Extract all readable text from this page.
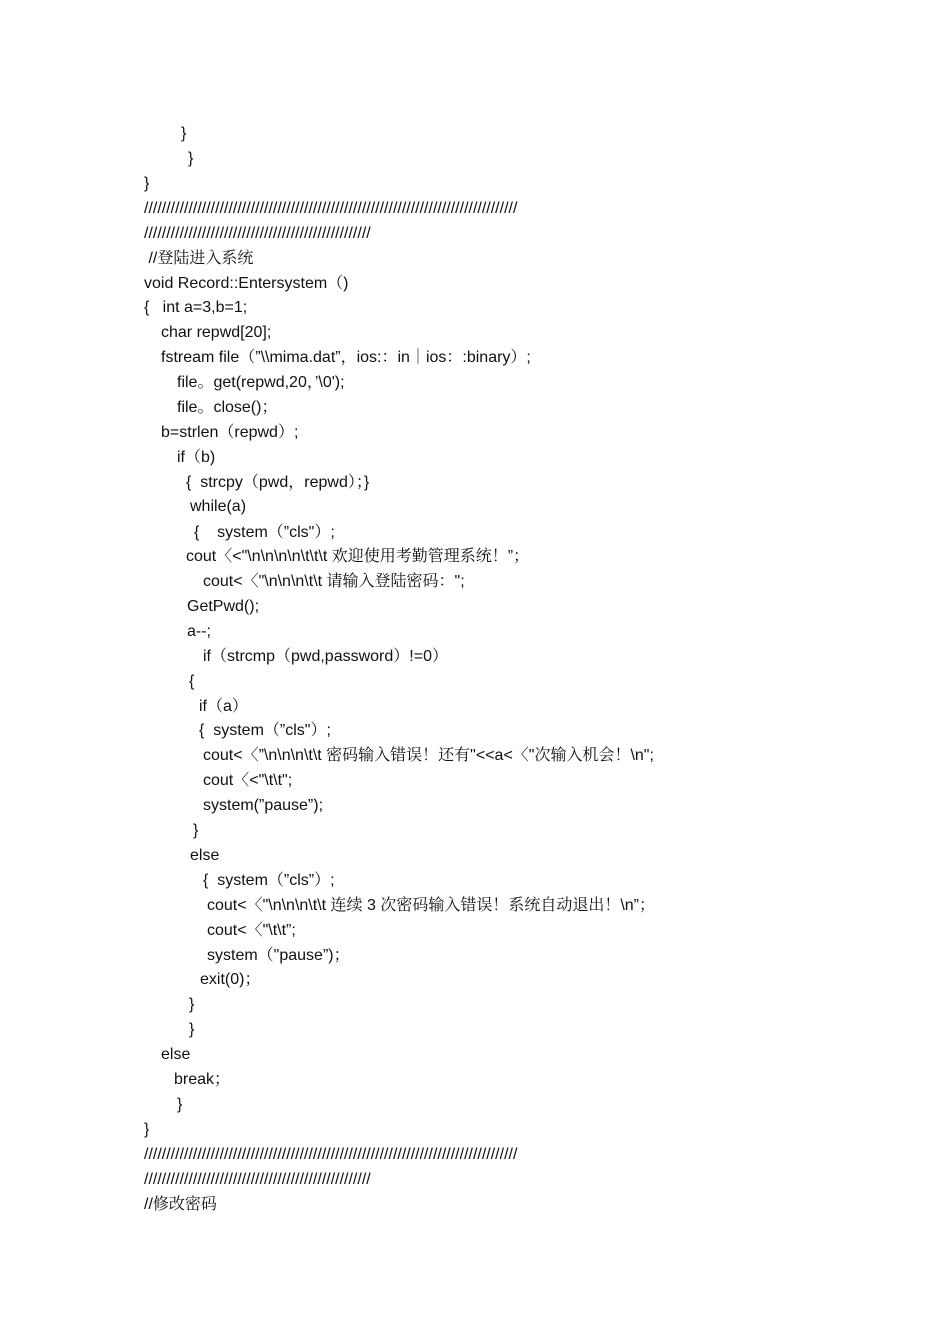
}
}
}
////////////////////////////////////////////////////////////////////////////////////
///////////////////////////////////////////////////
//登陆进入系统
void Record::Entersystem（)
{   int a=3,b=1;
char repwd[20];
fstream file（”\\mima.dat”，ios:：in｜ios：:binary）;
file。get(repwd,20，’\0');
file。close()；
b=strlen（repwd）;
if（b)
{  strcpy（pwd，repwd）；}
while(a)
{    system（”cls"）;
cout〈<"\n\n\n\n\t\t\t 欢迎使用考勤管理系统！”；
cout<〈"\n\n\n\t\t 请输入登陆密码：";
GetPwd();
a--;
if（strcmp（pwd,password）!=0）
{
if（a）
{  system（”cls"）;
cout<〈”\n\n\n\t\t 密码输入错误！还有"<<a<〈"次输入机会！\n";
cout〈<"\t\t";
system(”pause”);
}
else
{  system（”cls”）;
cout<〈"\n\n\n\t\t 连续 3 次密码输入错误！系统自动退出！\n”；
cout<〈"\t\t”;
system（"pause”)；
exit(0)；
}
}
else
break；
}
}
////////////////////////////////////////////////////////////////////////////////////
///////////////////////////////////////////////////
//修改密码
